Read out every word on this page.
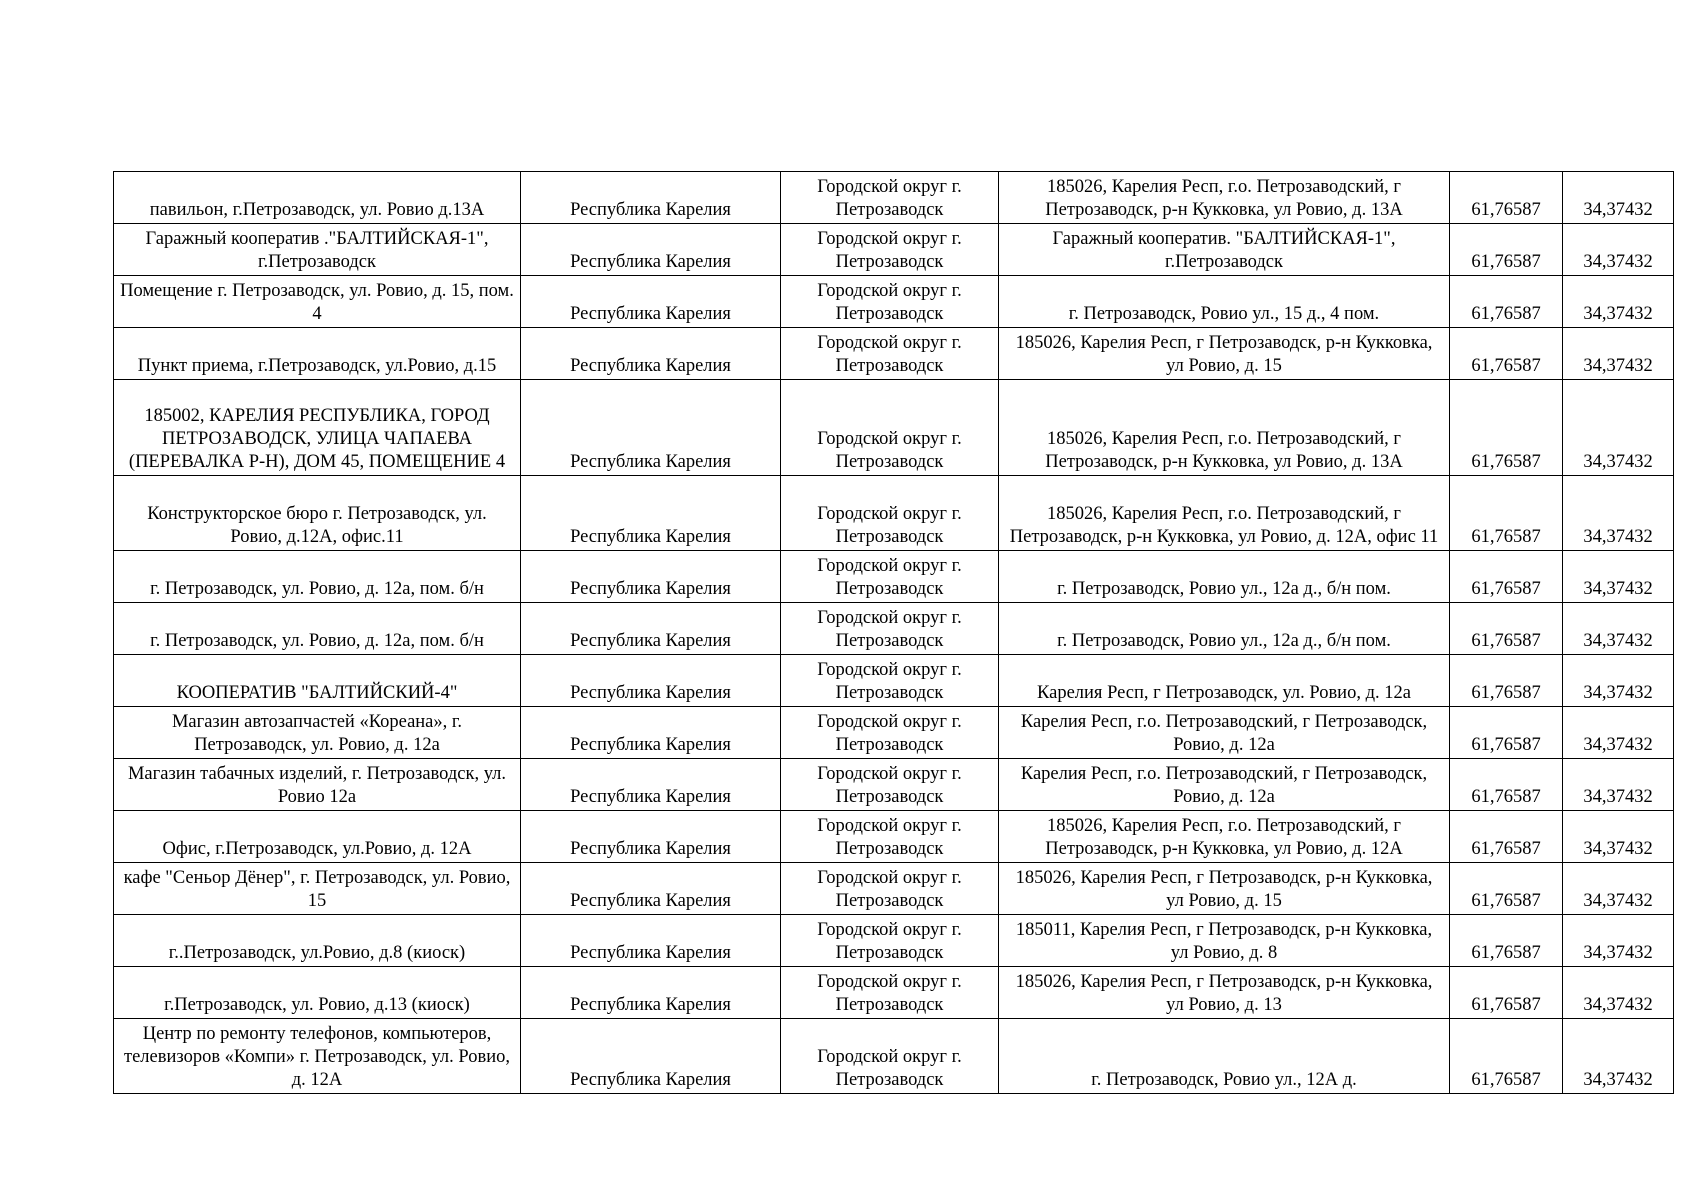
павильон, г.Петрозаводск, ул. Ровио д.13А	Республика Карелия	Городской округ г. Петрозаводск	185026, Карелия Респ, г.о. Петрозаводский, г Петрозаводск, р-н Кукковка, ул Ровио, д. 13А	61,76587	34,37432
Гаражный кооператив ."БАЛТИЙСКАЯ-1", г.Петрозаводск	Республика Карелия	Городской округ г. Петрозаводск	Гаражный кооператив. "БАЛТИЙСКАЯ-1", г.Петрозаводск	61,76587	34,37432
Помещение г. Петрозаводск, ул. Ровио, д. 15, пом. 4	Республика Карелия	Городской округ г. Петрозаводск	г. Петрозаводск, Ровио ул., 15 д., 4 пом.	61,76587	34,37432
Пункт приема, г.Петрозаводск, ул.Ровио, д.15	Республика Карелия	Городской округ г. Петрозаводск	185026, Карелия Респ, г Петрозаводск, р-н Кукковка, ул Ровио, д. 15	61,76587	34,37432
185002, КАРЕЛИЯ РЕСПУБЛИКА, ГОРОД ПЕТРОЗАВОДСК, УЛИЦА ЧАПАЕВА (ПЕРЕВАЛКА Р-Н), ДОМ 45, ПОМЕЩЕНИЕ 4	Республика Карелия	Городской округ г. Петрозаводск	185026, Карелия Респ, г.о. Петрозаводский, г Петрозаводск, р-н Кукковка, ул Ровио, д. 13А	61,76587	34,37432
Конструкторское бюро г. Петрозаводск, ул. Ровио, д.12А, офис.11	Республика Карелия	Городской округ г. Петрозаводск	185026, Карелия Респ, г.о. Петрозаводский, г Петрозаводск, р-н Кукковка, ул Ровио, д. 12А, офис 11	61,76587	34,37432
г. Петрозаводск, ул. Ровио, д. 12а, пом. б/н	Республика Карелия	Городской округ г. Петрозаводск	г. Петрозаводск, Ровио ул., 12а д., б/н пом.	61,76587	34,37432
г. Петрозаводск, ул. Ровио, д. 12а, пом. б/н	Республика Карелия	Городской округ г. Петрозаводск	г. Петрозаводск, Ровио ул., 12а д., б/н пом.	61,76587	34,37432
КООПЕРАТИВ "БАЛТИЙСКИЙ-4"	Республика Карелия	Городской округ г. Петрозаводск	Карелия Респ, г Петрозаводск, ул. Ровио, д. 12а	61,76587	34,37432
Магазин автозапчастей «Кореана», г. Петрозаводск, ул. Ровио, д. 12а	Республика Карелия	Городской округ г. Петрозаводск	Карелия Респ, г.о. Петрозаводский, г Петрозаводск, Ровио, д. 12а	61,76587	34,37432
Магазин табачных изделий, г. Петрозаводск, ул. Ровио 12а	Республика Карелия	Городской округ г. Петрозаводск	Карелия Респ, г.о. Петрозаводский, г Петрозаводск, Ровио, д. 12а	61,76587	34,37432
Офис, г.Петрозаводск, ул.Ровио, д. 12А	Республика Карелия	Городской округ г. Петрозаводск	185026, Карелия Респ, г.о. Петрозаводский, г Петрозаводск, р-н Кукковка, ул Ровио, д. 12А	61,76587	34,37432
кафе "Сеньор Дёнер", г. Петрозаводск, ул. Ровио, 15	Республика Карелия	Городской округ г. Петрозаводск	185026, Карелия Респ, г Петрозаводск, р-н Кукковка, ул Ровио, д. 15	61,76587	34,37432
г..Петрозаводск, ул.Ровио, д.8 (киоск)	Республика Карелия	Городской округ г. Петрозаводск	185011, Карелия Респ, г Петрозаводск, р-н Кукковка, ул Ровио, д. 8	61,76587	34,37432
г.Петрозаводск, ул. Ровио, д.13 (киоск)	Республика Карелия	Городской округ г. Петрозаводск	185026, Карелия Респ, г Петрозаводск, р-н Кукковка, ул Ровио, д. 13	61,76587	34,37432
Центр по ремонту телефонов, компьютеров, телевизоров «Компи» г. Петрозаводск, ул. Ровио, д. 12А	Республика Карелия	Городской округ г. Петрозаводск	г. Петрозаводск, Ровио ул., 12А д.	61,76587	34,37432
